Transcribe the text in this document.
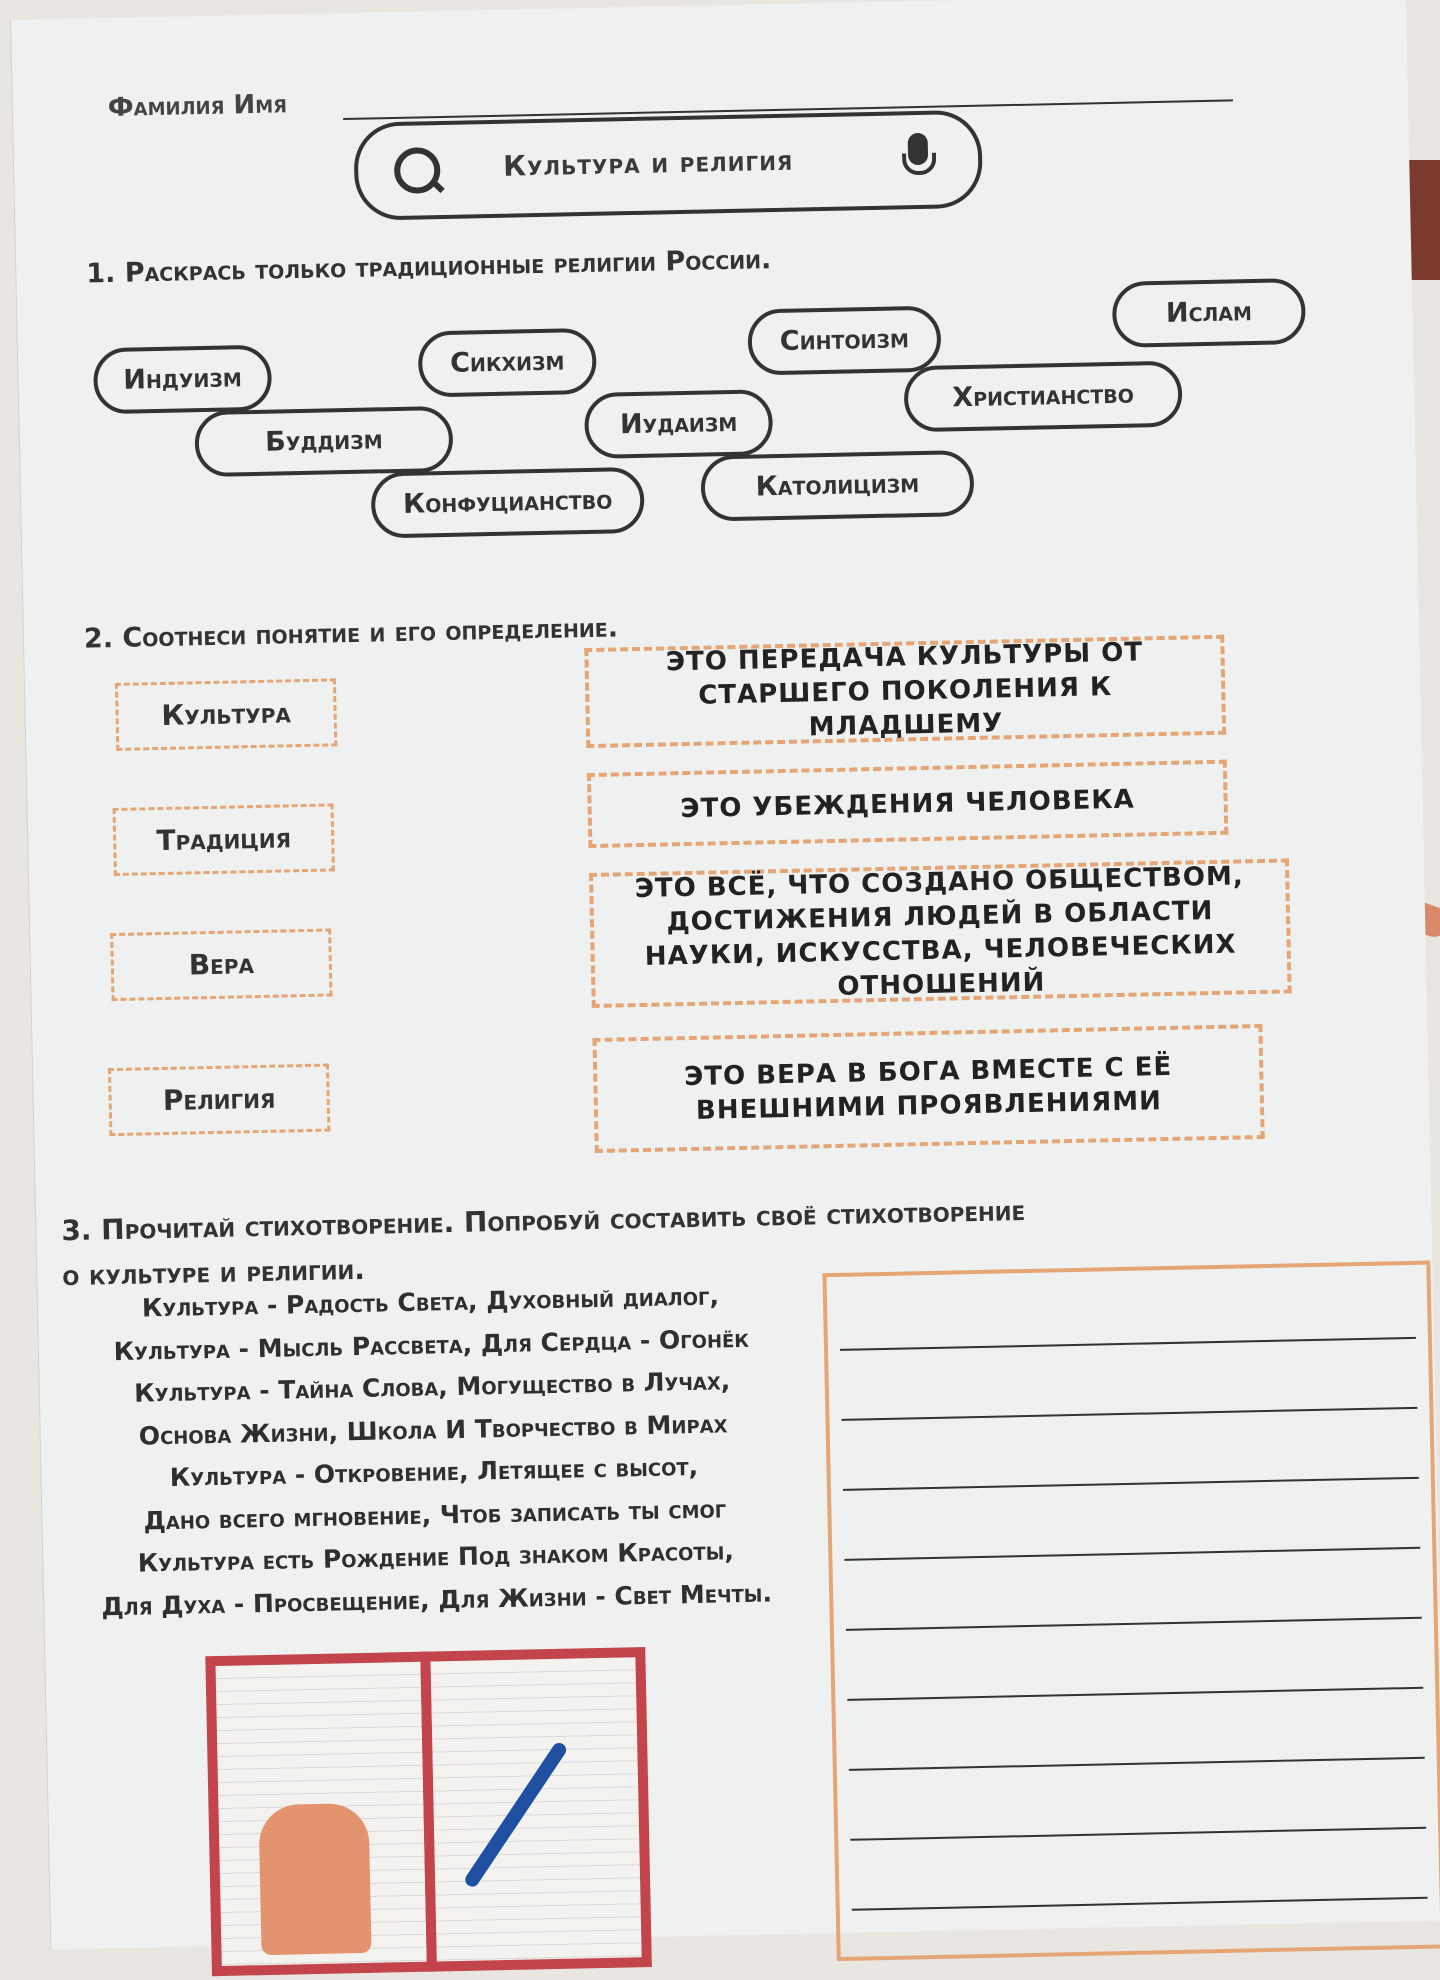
Фамилия Имя
Культура и религия
1. Раскрась только традиционные религии России.
Индуизм
Сикхизм
Синтоизм
Ислам
Буддизм
Иудаизм
Христианство
Конфуцианство	Католицизм
2. Соотнеси понятие и его определение.
Культура
Традиция
Вера
Религия
ЭТО ПЕРЕДАЧА КУЛЬТУРЫ ОТ СТАРШЕГО ПОКОЛЕНИЯ К МЛАДШЕМУ
ЭТО УБЕЖДЕНИЯ ЧЕЛОВЕКА
ЭТО ВСЁ, ЧТО СОЗДАНО ОБЩЕСТВОМ, ДОСТИЖЕНИЯ ЛЮДЕЙ В ОБЛАСТИ НАУКИ, ИСКУССТВА, ЧЕЛОВЕЧЕСКИХ ОТНОШЕНИЙ
ЭТО ВЕРА В БОГА ВМЕСТЕ С ЕЁ ВНЕШНИМИ ПРОЯВЛЕНИЯМИ
3. Прочитай стихотворение. Попробуй составить своё стихотворение
о культуре и религии.
Культура - Радость Света, Духовный диалог,
Культура - Мысль Рассвета, Для Сердца - Огонёк
Культура - Тайна Слова, Могущество в Лучах,
Основа Жизни, Школа И Творчество в Мирах
Культура - Откровение, Летящее с высот,
Дано всего мгновение, Чтоб записать ты смог
Культура есть Рождение Под знаком Красоты,
Для Духа - Просвещение, Для Жизни - Свет Мечты.
